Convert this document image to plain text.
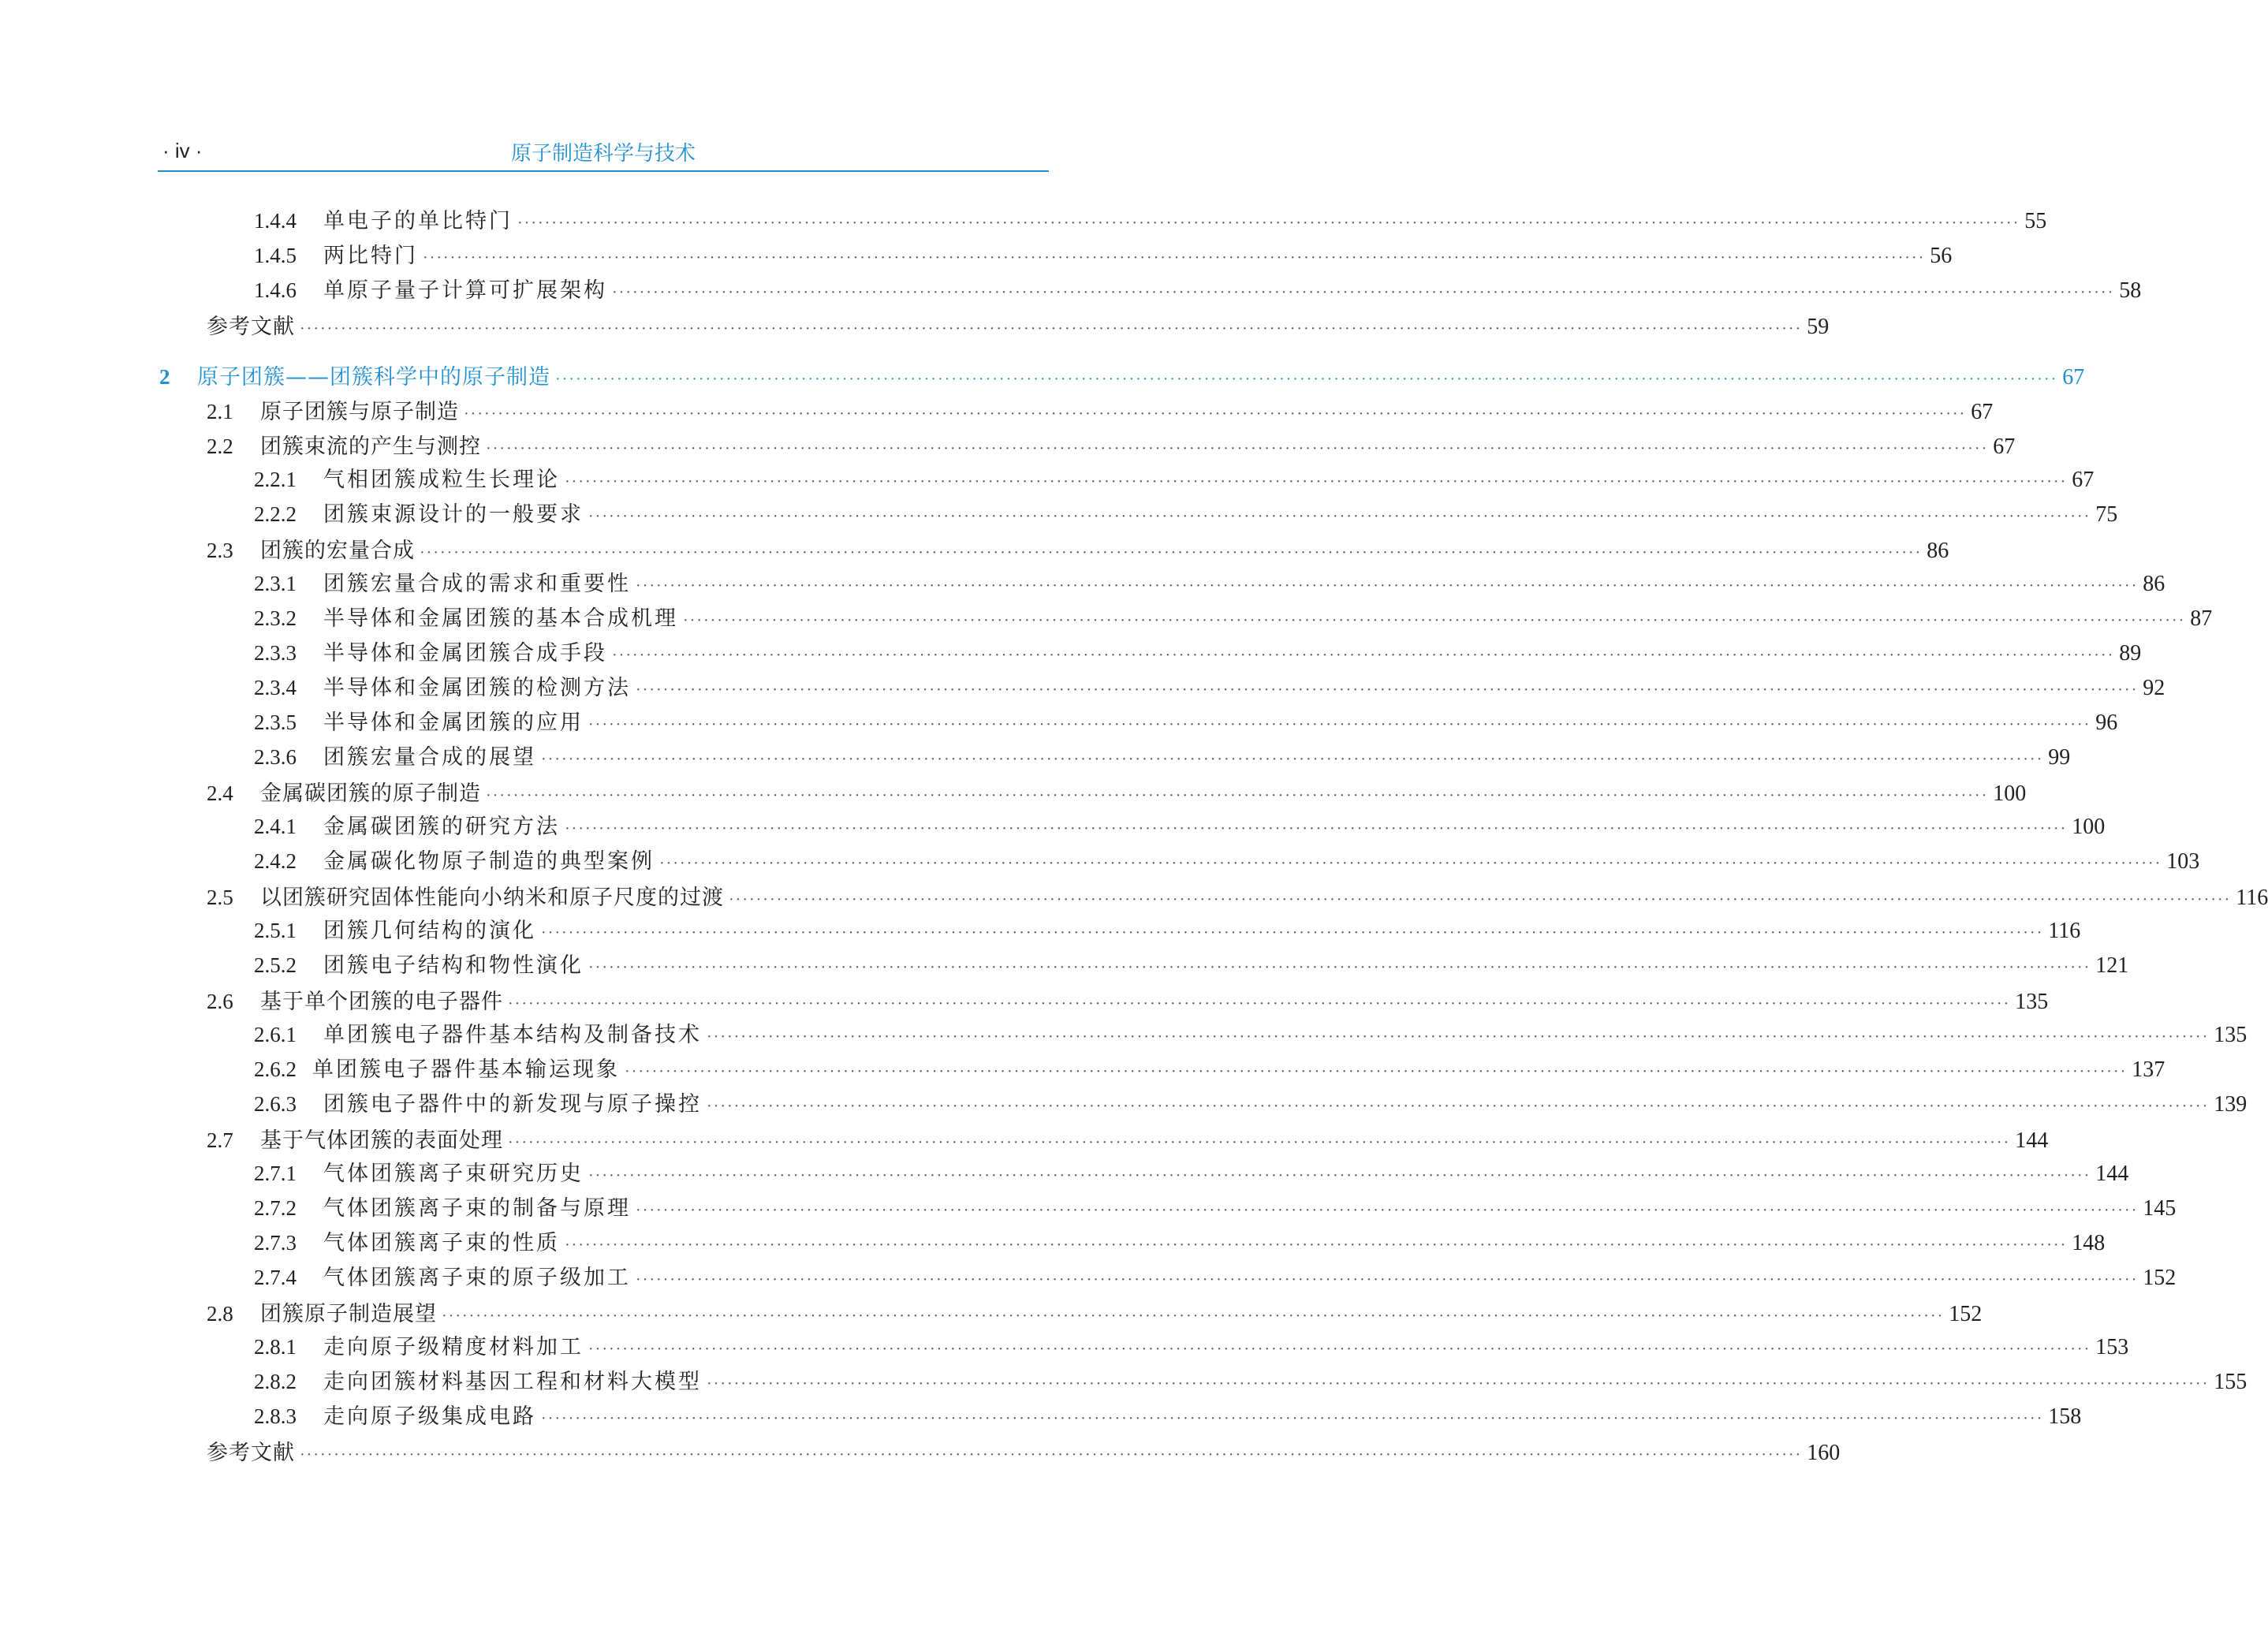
· iv ·	原子制造科学与技术
1.4.4	单电子的单比特门 ···························································································································································································································· 55
1.4.5	两比特门 ···························································································································································································································· 56
1.4.6	单原子量子计算可扩展架构 ···························································································································································································································· 58
参考文献 ···························································································································································································································· 59
2	原子团簇——团簇科学中的原子制造 ···························································································································································································································· 67
2.1	原子团簇与原子制造 ···························································································································································································································· 67
2.2	团簇束流的产生与测控 ···························································································································································································································· 67
2.2.1	气相团簇成粒生长理论 ···························································································································································································································· 67
2.2.2	团簇束源设计的一般要求 ···························································································································································································································· 75
2.3	团簇的宏量合成 ···························································································································································································································· 86
2.3.1	团簇宏量合成的需求和重要性 ···························································································································································································································· 86
2.3.2	半导体和金属团簇的基本合成机理 ···························································································································································································································· 87
2.3.3	半导体和金属团簇合成手段 ···························································································································································································································· 89
2.3.4	半导体和金属团簇的检测方法 ···························································································································································································································· 92
2.3.5	半导体和金属团簇的应用 ···························································································································································································································· 96
2.3.6	团簇宏量合成的展望 ···························································································································································································································· 99
2.4	金属碳团簇的原子制造 ···························································································································································································································· 100
2.4.1	金属碳团簇的研究方法 ···························································································································································································································· 100
2.4.2	金属碳化物原子制造的典型案例 ···························································································································································································································· 103
2.5	以团簇研究固体性能向小纳米和原子尺度的过渡 ···························································································································································································································· 116
2.5.1	团簇几何结构的演化 ···························································································································································································································· 116
2.5.2	团簇电子结构和物性演化 ···························································································································································································································· 121
2.6	基于单个团簇的电子器件 ···························································································································································································································· 135
2.6.1	单团簇电子器件基本结构及制备技术 ···························································································································································································································· 135
2.6.2 单团簇电子器件基本输运现象 ···························································································································································································································· 137
2.6.3	团簇电子器件中的新发现与原子操控 ···························································································································································································································· 139
2.7	基于气体团簇的表面处理 ···························································································································································································································· 144
2.7.1	气体团簇离子束研究历史 ···························································································································································································································· 144
2.7.2	气体团簇离子束的制备与原理 ···························································································································································································································· 145
2.7.3	气体团簇离子束的性质 ···························································································································································································································· 148
2.7.4	气体团簇离子束的原子级加工 ···························································································································································································································· 152
2.8	团簇原子制造展望 ···························································································································································································································· 152
2.8.1	走向原子级精度材料加工 ···························································································································································································································· 153
2.8.2	走向团簇材料基因工程和材料大模型 ···························································································································································································································· 155
2.8.3	走向原子级集成电路 ···························································································································································································································· 158
参考文献 ···························································································································································································································· 160
